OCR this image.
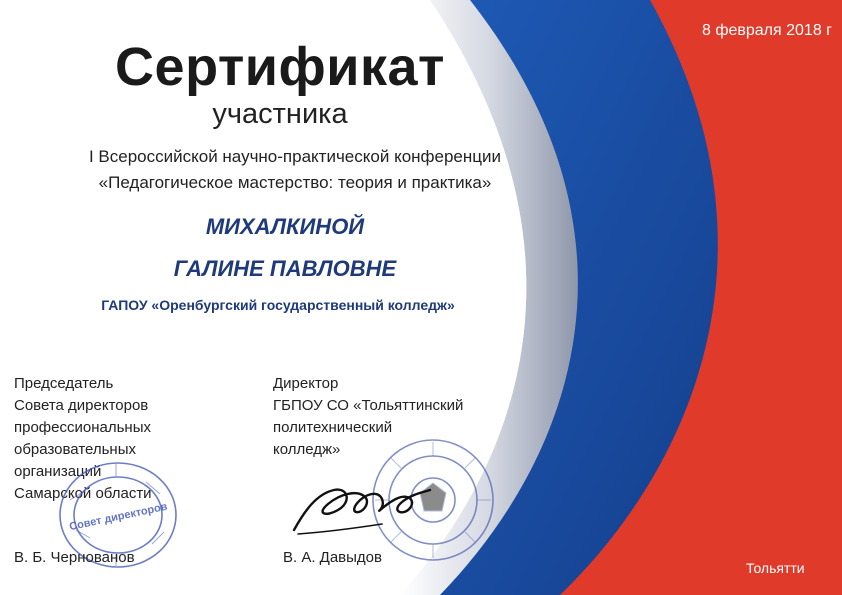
8 февраля 2018 г
Сертификат
участника
I Всероссийской научно-практической конференции
«Педагогическое мастерство: теория и практика»
МИХАЛКИНОЙ
ГАЛИНЕ ПАВЛОВНЕ
ГАПОУ «Оренбургский государственный колледж»
Председатель
Совета директоров
профессиональных
образовательных
организаций
Самарской области
Директор
ГБПОУ СО «Тольяттинский
политехнический
колледж»
Совет директоров
В. Б. Чернованов	В. А. Давыдов
Тольятти
